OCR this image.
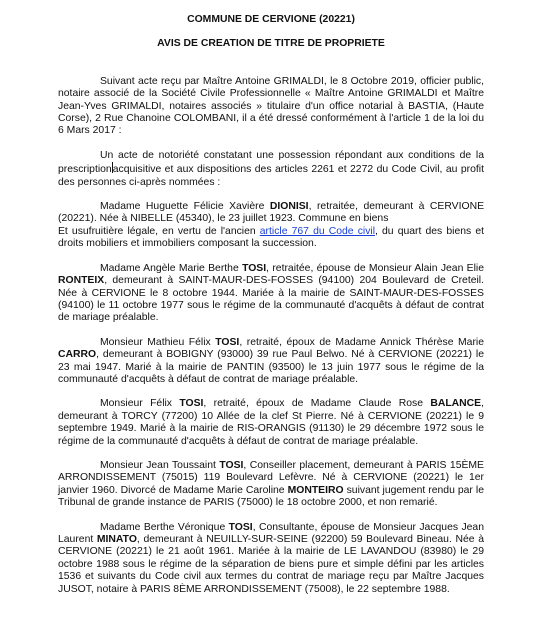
COMMUNE DE CERVIONE (20221)
AVIS DE CREATION DE TITRE DE PROPRIETE

Suivant acte reçu par Maître Antoine GRIMALDI, le 8 Octobre 2019, officier public, notaire associé de la Société Civile Professionnelle « Maître Antoine GRIMALDI et Maître Jean-Yves GRIMALDI, notaires associés » titulaire d'un office notarial à BASTIA, (Haute Corse), 2 Rue Chanoine COLOMBANI, il a été dressé conformément à l'article 1 de la loi du 6 Mars 2017 :

Un acte de notoriété constatant une possession répondant aux conditions de la prescriptionacquisitive et aux dispositions des articles 2261 et 2272 du Code Civil, au profit des personnes ci-après nommées :

Madame Huguette Félicie Xavière DIONISI, retraitée, demeurant à CERVIONE (20221). Née à NIBELLE (45340), le 23 juillet 1923. Commune en biens

Et usufruitière légale, en vertu de l'ancien article 767 du Code civil, du quart des biens et droits mobiliers et immobiliers composant la succession.

Madame Angèle Marie Berthe TOSI, retraitée, épouse de Monsieur Alain Jean Elie RONTEIX, demeurant à SAINT-MAUR-DES-FOSSES (94100) 204 Boulevard de Creteil. Née à CERVIONE le 8 octobre 1944. Mariée à la mairie de SAINT-MAUR-DES-FOSSES (94100) le 11 octobre 1977 sous le régime de la communauté d'acquêts à défaut de contrat de mariage préalable.

Monsieur Mathieu Félix TOSI, retraité, époux de Madame Annick Thérèse Marie CARRO, demeurant à BOBIGNY (93000) 39 rue Paul Belwo. Né à CERVIONE (20221) le 23 mai 1947. Marié à la mairie de PANTIN (93500) le 13 juin 1977 sous le régime de la communauté d'acquêts à défaut de contrat de mariage préalable.

Monsieur Félix TOSI, retraité, époux de Madame Claude Rose BALANCE, demeurant à TORCY (77200) 10 Allée de la clef St Pierre. Né à CERVIONE (20221) le 9 septembre 1949. Marié à la mairie de RIS-ORANGIS (91130) le 29 décembre 1972 sous le régime de la communauté d'acquêts à défaut de contrat de mariage préalable.

Monsieur Jean Toussaint TOSI, Conseiller placement, demeurant à PARIS 15ÈME ARRONDISSEMENT (75015) 119 Boulevard Lefèvre. Né à CERVIONE (20221) le 1er janvier 1960. Divorcé de Madame Marie Caroline MONTEIRO suivant jugement rendu par le Tribunal de grande instance de PARIS (75000) le 18 octobre 2000, et non remarié.

Madame Berthe Véronique TOSI, Consultante, épouse de Monsieur Jacques Jean Laurent MINATO, demeurant à NEUILLY-SUR-SEINE (92200) 59 Boulevard Bineau. Née à CERVIONE (20221) le 21 août 1961. Mariée à la mairie de LE LAVANDOU (83980) le 29 octobre 1988 sous le régime de la séparation de biens pure et simple défini par les articles 1536 et suivants du Code civil aux termes du contrat de mariage reçu par Maître Jacques JUSOT, notaire à PARIS 8ÈME ARRONDISSEMENT (75008), le 22 septembre 1988.
